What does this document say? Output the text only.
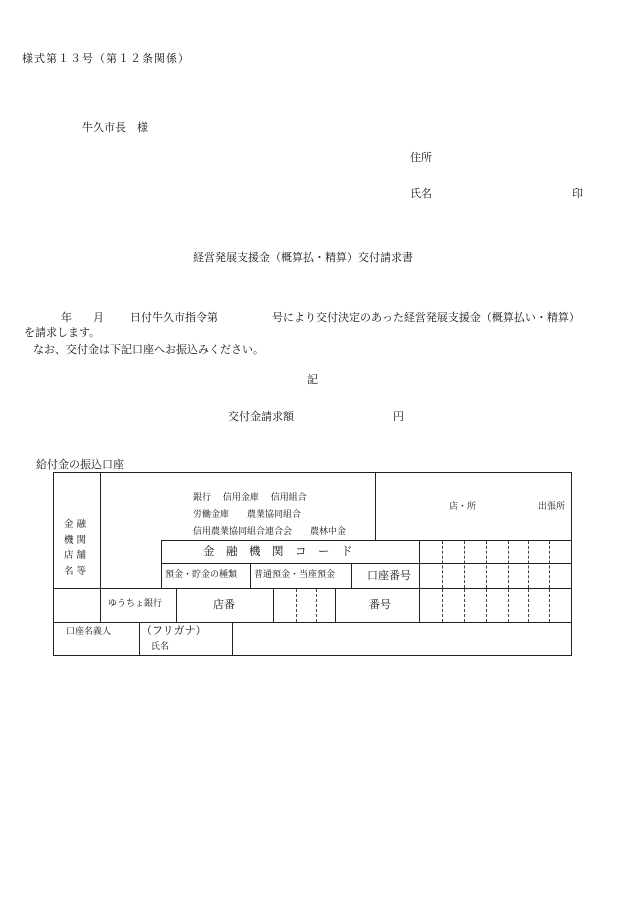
様式第１３号（第１２条関係）
牛久市長　様
住所
氏名	印
経営発展支援金（概算払・精算）交付請求書
年 月 日付牛久市指令第	号により交付決定のあった経営発展支援金（概算払い・精算）
を請求します。
なお、交付金は下記口座へお振込みください。
記
交付金請求額	円
給付金の振込口座
金 融
機 関
店 舗
名 等
銀行　 信用金庫　 信用組合
労働金庫　　農業協同組合
信用農業協同組合連合会　　農林中金
店・所	出張所
金　融　機　関　コ　ー　ド
預金・貯金の種類 普通預金・当座預金	口座番号
ゆうちょ銀行	店番	番号
口座名義人	（フリガナ）
氏名
